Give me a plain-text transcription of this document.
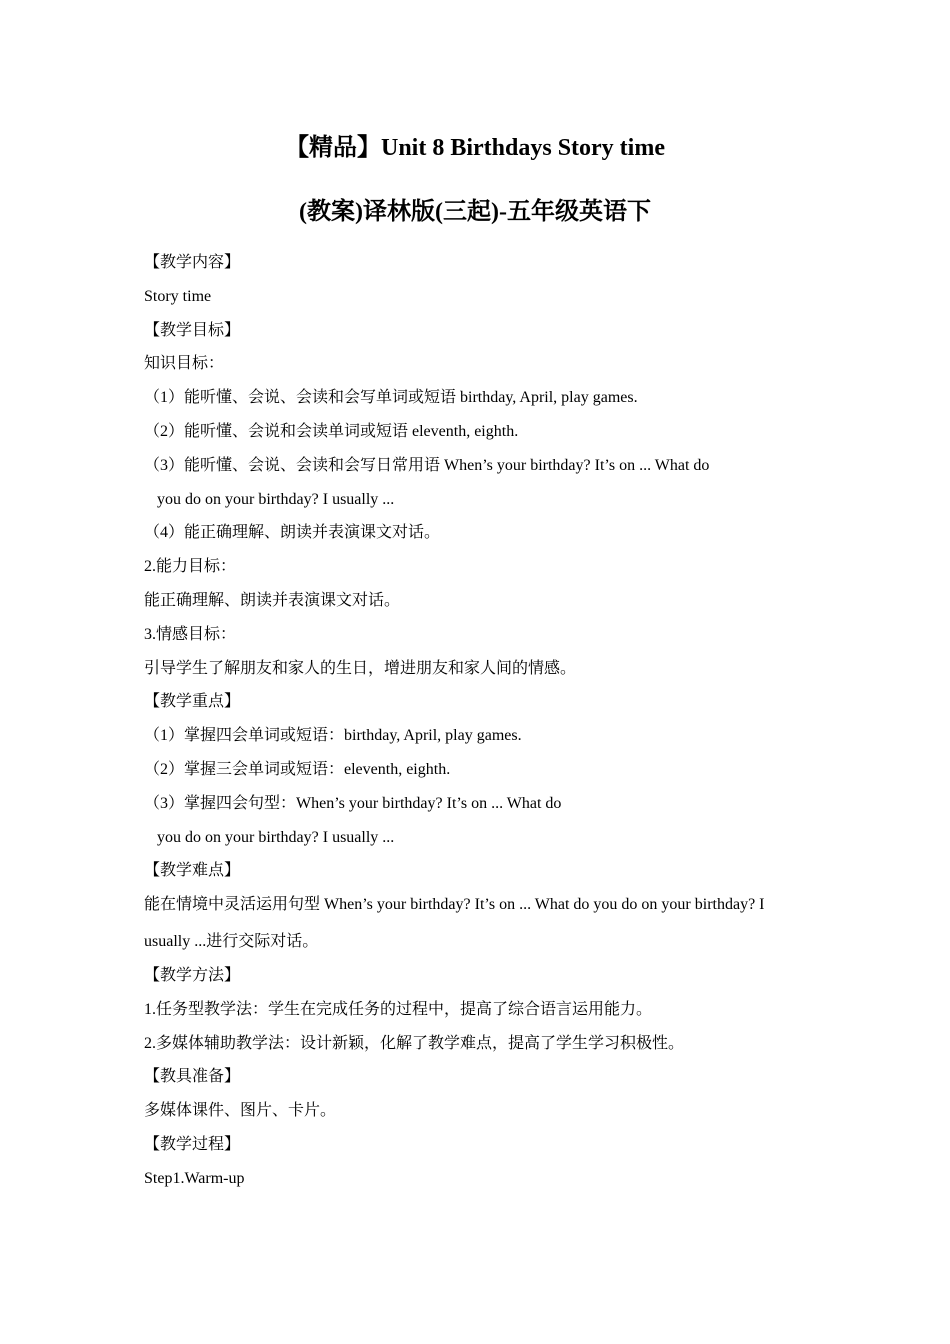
【精品】Unit 8 Birthdays Story time
(教案)译林版(三起)-五年级英语下
【教学内容】
Story time
【教学目标】
知识目标：
（1）能听懂、会说、会读和会写单词或短语 birthday, April, play games.
（2）能听懂、会说和会读单词或短语 eleventh, eighth.
（3）能听懂、会说、会读和会写日常用语 When’s your birthday? It’s on ... What do
you do on your birthday? I usually ...
（4）能正确理解、朗读并表演课文对话。
2.能力目标：
能正确理解、朗读并表演课文对话。
3.情感目标：
引导学生了解朋友和家人的生日，增进朋友和家人间的情感。
【教学重点】
（1）掌握四会单词或短语：birthday, April, play games.
（2）掌握三会单词或短语：eleventh, eighth.
（3）掌握四会句型：When’s your birthday? It’s on ... What do
you do on your birthday? I usually ...
【教学难点】
能在情境中灵活运用句型 When’s your birthday? It’s on ... What do you do on your birthday? I
usually ...进行交际对话。
【教学方法】
1.任务型教学法：学生在完成任务的过程中，提高了综合语言运用能力。
2.多媒体辅助教学法：设计新颖，化解了教学难点，提高了学生学习积极性。
【教具准备】
多媒体课件、图片、卡片。
【教学过程】
Step1.Warm-up
